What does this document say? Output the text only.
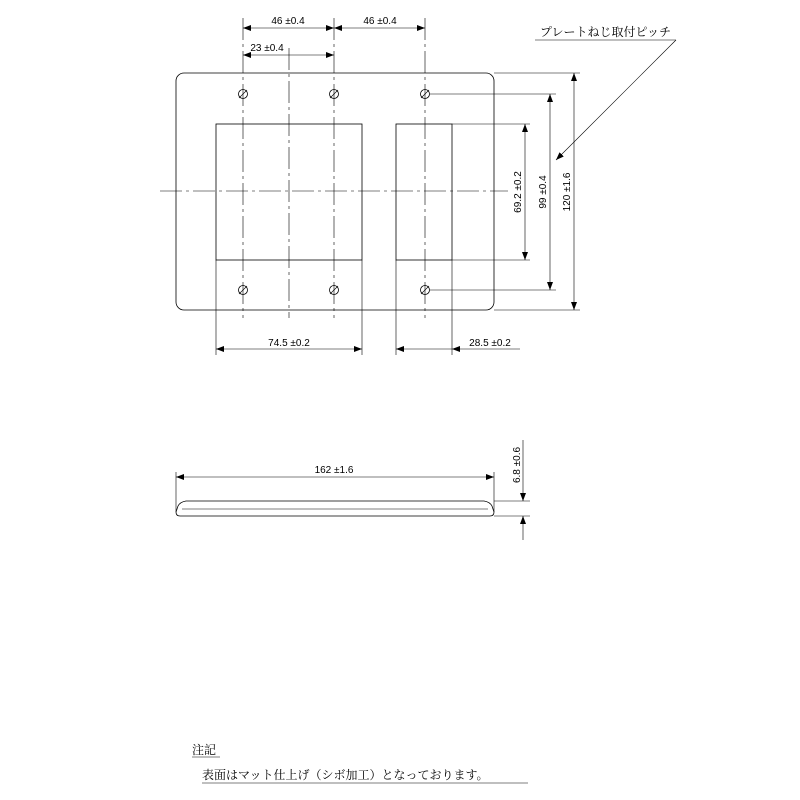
46 ±0.4	46 ±0.4
23 ±0.4
69.2 ±0.2 99 ±0.4 120 ±1.6
プレートねじ取付ピッチ
74.5 ±0.2	28.5 ±0.2
162 ±1.6	6.8 ±0.6
注記
表面はマット仕上げ（シボ加工）となっております。
